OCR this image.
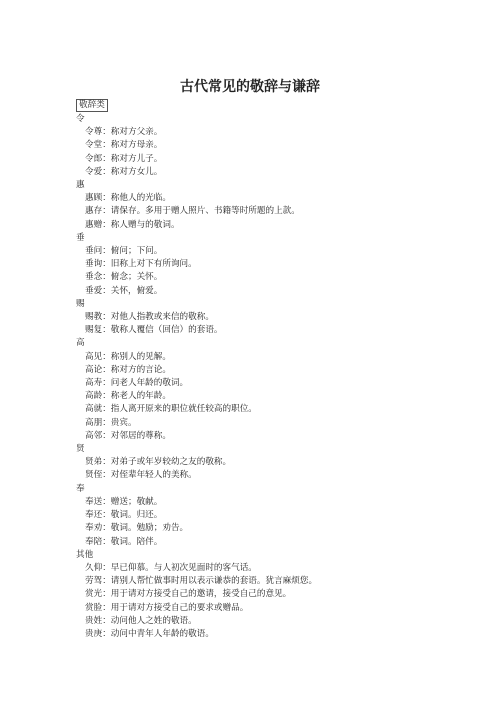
古代常见的敬辞与谦辞
敬辞类
令
令尊：称对方父亲。
令堂：称对方母亲。
令郎：称对方儿子。
令爱：称对方女儿。
惠
惠顾：称他人的光临。
惠存：请保存。多用于赠人照片、书籍等时所题的上款。
惠赠：称人赠与的敬词。
垂
垂问：俯问；下问。
垂询：旧称上对下有所询问。
垂念：俯念；关怀。
垂爱：关怀，俯爱。
赐
赐教：对他人指教或来信的敬称。
赐复：敬称人覆信（回信）的套语。
高
高见：称别人的见解。
高论：称对方的言论。
高寿：问老人年龄的敬词。
高龄：称老人的年龄。
高就：指人离开原来的职位就任较高的职位。
高朋：贵宾。
高邻：对邻居的尊称。
贤
贤弟：对弟子或年岁较幼之友的敬称。
贤侄：对侄辈年轻人的美称。
奉
奉送：赠送；敬献。
奉还：敬词。归还。
奉劝：敬词。勉励；劝告。
奉陪：敬词。陪伴。
其他
久仰：早已仰慕。与人初次见面时的客气话。
劳驾：请别人帮忙做事时用以表示谦恭的套语。犹言麻烦您。
赏光：用于请对方接受自己的邀请，接受自己的意见。
赏脸：用于请对方接受自己的要求或赠品。
贵姓：动问他人之姓的敬语。
贵庚：动问中青年人年龄的敬语。
